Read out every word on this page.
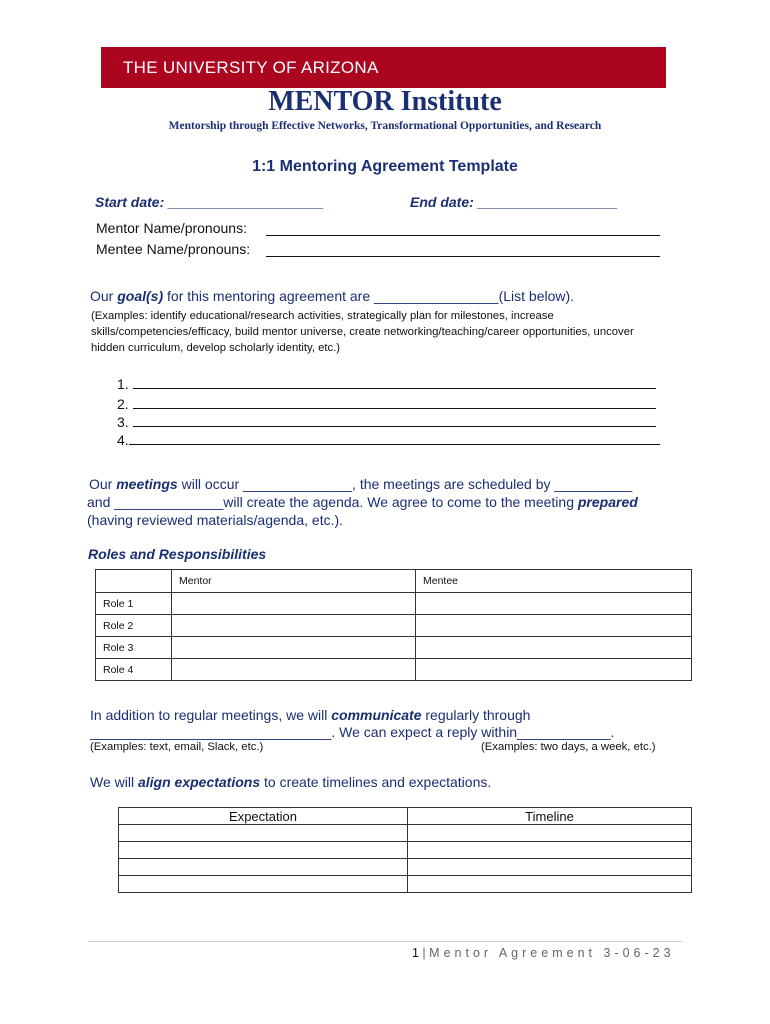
THE UNIVERSITY OF ARIZONA
MENTOR Institute
Mentorship through Effective Networks, Transformational Opportunities, and Research
1:1 Mentoring Agreement Template
Start date: ____________________	End date: __________________
Mentor Name/pronouns:
Mentee Name/pronouns:
Our goal(s) for this mentoring agreement are ________________(List below).
(Examples: identify educational/research activities, strategically plan for milestones, increase skills/competencies/efficacy, build mentor universe, create networking/teaching/career opportunities, uncover hidden curriculum, develop scholarly identity, etc.)
1.
2.
3.
4.
Our meetings will occur ______________, the meetings are scheduled by __________
and ______________will create the agenda. We agree to come to the meeting prepared
(having reviewed materials/agenda, etc.).
Roles and Responsibilities
	Mentor	Mentee
Role 1		
Role 2		
Role 3		
Role 4		
In addition to regular meetings, we will communicate regularly through
_______________________________. We can expect a reply within____________.
(Examples: text, email, Slack, etc.)	(Examples: two days, a week, etc.)
We will align expectations to create timelines and expectations.
Expectation	Timeline

1 | Mentor Agreement 3-06-23
